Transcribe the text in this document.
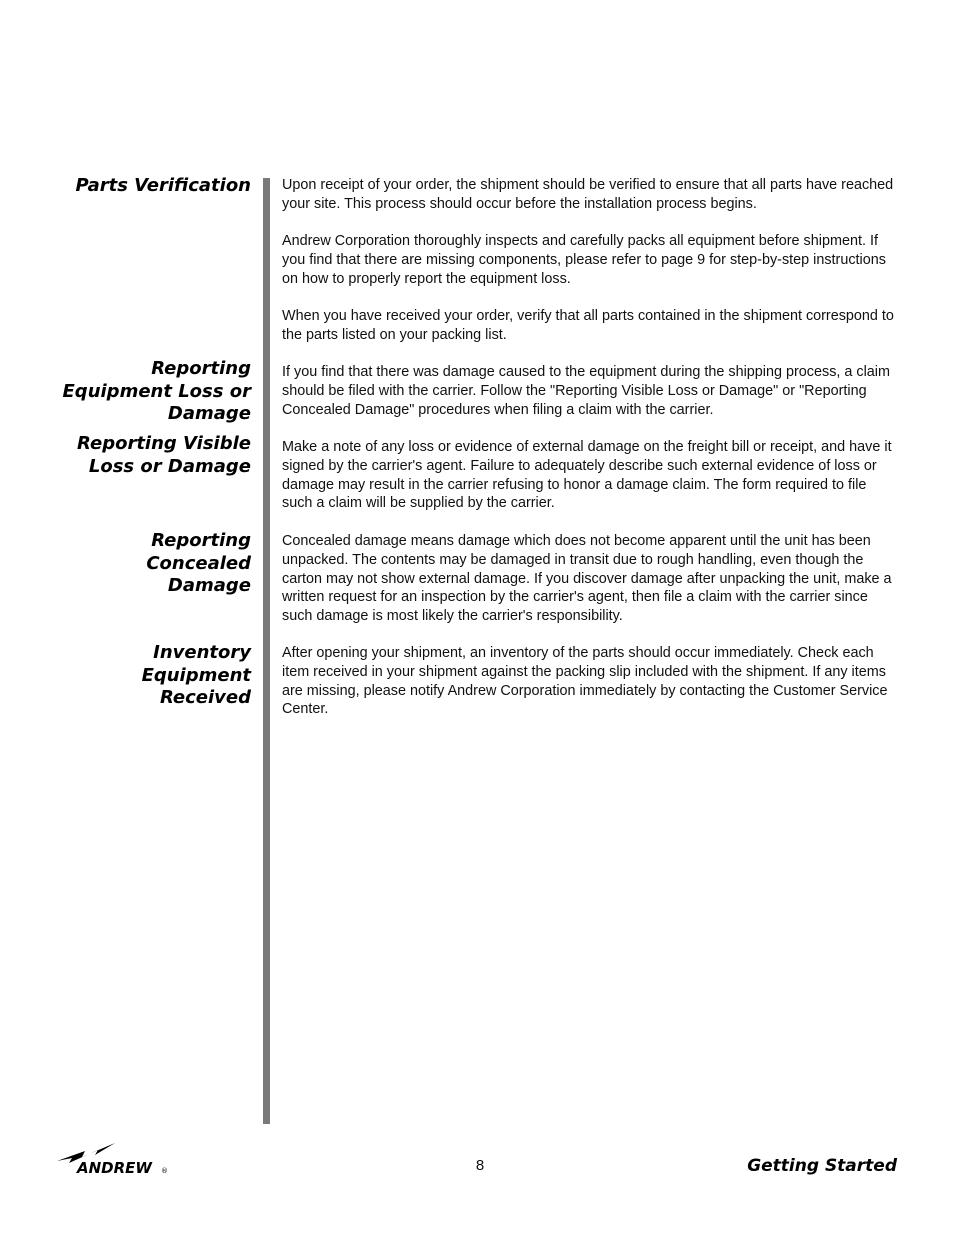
Parts Verification Upon receipt of your order, the shipment should be verified to ensure that all parts have reached your site. This process should occur before the installation process begins.

Andrew Corporation thoroughly inspects and carefully packs all equipment before shipment. If you find that there are missing components, please refer to page 9 for step-by-step instructions on how to properly report the equipment loss.

When you have received your order, verify that all parts contained in the shipment correspond to the parts listed on your packing list.

Reporting
Equipment Loss or
Damage

If you find that there was damage caused to the equipment during the shipping process, a claim should be filed with the carrier. Follow the "Reporting Visible Loss or Damage" or "Reporting Concealed Damage" procedures when filing a claim with the carrier.

Reporting Visible
Loss or Damage

Make a note of any loss or evidence of external damage on the freight bill or receipt, and have it signed by the carrier's agent. Failure to adequately describe such external evidence of loss or damage may result in the carrier refusing to honor a damage claim. The form required to file such a claim will be supplied by the carrier.

Reporting
Concealed
Damage

Concealed damage means damage which does not become apparent until the unit has been unpacked. The contents may be damaged in transit due to rough handling, even though the carton may not show external damage. If you discover damage after unpacking the unit, make a written request for an inspection by the carrier's agent, then file a claim with the carrier since such damage is most likely the carrier's responsibility.

Inventory
Equipment
Received

After opening your shipment, an inventory of the parts should occur immediately. Check each item received in your shipment against the packing slip included with the shipment. If any items are missing, please notify Andrew Corporation immediately by contacting the Customer Service Center.

ANDREW ®	8	Getting Started
